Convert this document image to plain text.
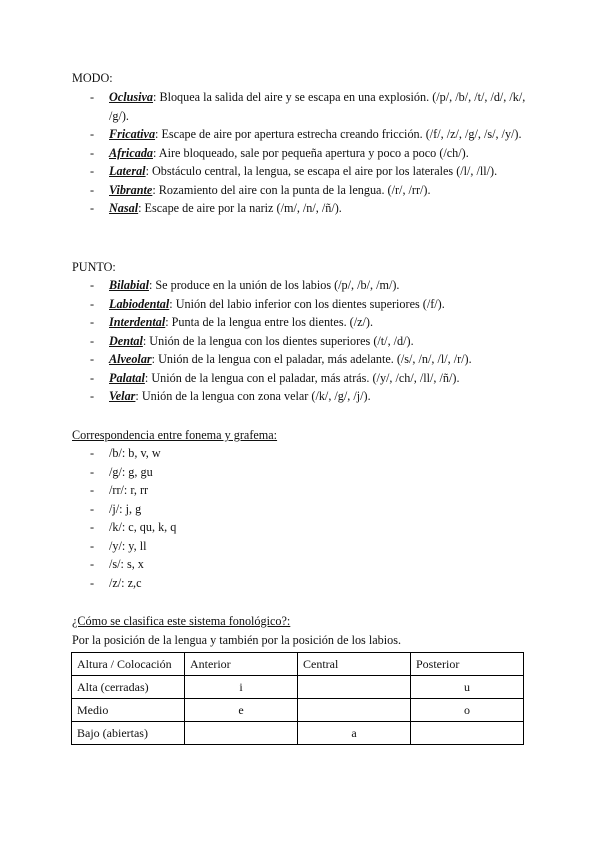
MODO:
- Oclusiva: Bloquea la salida del aire y se escapa en una explosión. (/p/, /b/, /t/, /d/, /k/, /g/).
- Fricativa: Escape de aire por apertura estrecha creando fricción. (/f/, /z/, /g/, /s/, /y/).
- Africada: Aire bloqueado, sale por pequeña apertura y poco a poco (/ch/).
- Lateral: Obstáculo central, la lengua, se escapa el aire por los laterales (/l/, /ll/).
- Vibrante: Rozamiento del aire con la punta de la lengua. (/r/, /rr/).
- Nasal: Escape de aire por la nariz (/m/, /n/, /ñ/).
PUNTO:
- Bilabial: Se produce en la unión de los labios (/p/, /b/, /m/).
- Labiodental: Unión del labio inferior con los dientes superiores (/f/).
- Interdental: Punta de la lengua entre los dientes. (/z/).
- Dental: Unión de la lengua con los dientes superiores (/t/, /d/).
- Alveolar: Unión de la lengua con el paladar, más adelante. (/s/, /n/, /l/, /r/).
- Palatal: Unión de la lengua con el paladar, más atrás. (/y/, /ch/, /ll/, /ñ/).
- Velar: Unión de la lengua con zona velar (/k/, /g/, /j/).
Correspondencia entre fonema y grafema:
- /b/: b, v, w
- /g/: g, gu
- /rr/: r, rr
- /j/: j, g
- /k/: c, qu, k, q
- /y/: y, ll
- /s/: s, x
- /z/: z,c
¿Cómo se clasifica este sistema fonológico?:
Por la posición de la lengua y también por la posición de los labios.
Altura / Colocación	Anterior	Central	Posterior
Alta (cerradas)	i		u
Medio	e		o
Bajo (abiertas)		a	
